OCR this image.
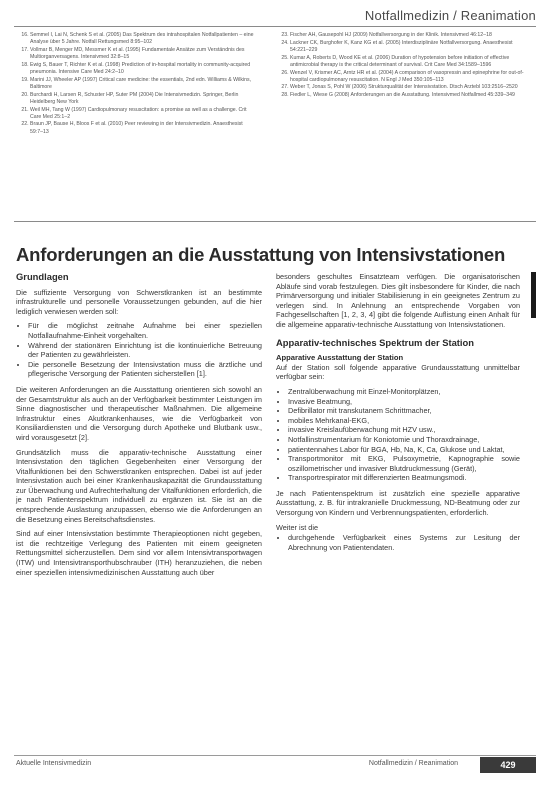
Notfallmedizin / Reanimation
16. Semmel I, Lai N, Schenk S et al. (2005) Das Spektrum des intrahospitalen Notfallpatienten – eine Analyse über 5 Jahre. Notfall Rettungsmed 8:95–102
17. Vollmar B, Menger MD, Messmer K et al. (1995) Fundamentale Ansätze zum Verständnis des Multiorganversagens. Intensivmed 32:8–15
18. Ewig S, Bauer T, Richter K et al. (1998) Prediction of in-hospital mortality in community-acquired pneumonia. Intensive Care Med 24:2–10
19. Marini JJ, Wheeler AP (1997) Critical care medicine: the essentials, 2nd edn. Williams & Wilkins, Baltimore
20. Burchardi H, Larsen R, Schuster HP, Suter PM (2004) Die Intensivmedizin. Springer, Berlin Heidelberg New York
21. Weil MH, Tang W (1997) Cardiopulmonary resuscitation: a promise as well as a challenge. Crit Care Med 25:1–2
22. Braun JP, Bause H, Bloos F et al. (2010) Peer reviewing in der Intensivmedizin. Anaesthesist 59:7–13
23. Fischer AH, Gausepohl HJ (2009) Notfallversorgung in der Klinik. Intensivmed 46:12–18
24. Lackner CK, Burghofer K, Kanz KG et al. (2005) Interdisziplinäre Notfallversorgung. Anaesthesist 54:221–229
25. Kumar A, Roberts D, Wood KE et al. (2006) Duration of hypotension before initiation of effective antimicrobial therapy is the critical determinant of survival. Crit Care Med 34:1589–1596
26. Wenzel V, Krismer AC, Arntz HR et al. (2004) A comparison of vasopressin and epinephrine for out-of-hospital cardiopulmonary resuscitation. N Engl J Med 350:105–113
27. Weber T, Jonas S, Pohl W (2006) Strukturqualität der Intensivstation. Dtsch Arztebl 103:2516–2520
28. Fiedler L, Wiese G (2008) Anforderungen an die Ausstattung. Intensivmed Notfallmed 45:339–349
Anforderungen an die Ausstattung von Intensivstationen
Grundlagen

Die suffiziente Versorgung von Schwerstkranken ist an bestimmte infrastrukturelle und personelle Voraussetzungen gebunden, auf die hier lediglich verwiesen werden soll:

• Für die möglichst zeitnahe Aufnahme bei einer speziellen Notfallaufnahme-Einheit vorgehalten.
• Während der stationären Einrichtung ist die kontinuierliche Betreuung der Patienten zu gewährleisten.
• Die personelle Besetzung der Intensivstation muss die ärztliche und pflegerische Versorgung der Patienten sicherstellen [1].

Die weiteren Anforderungen an die Ausstattung orientieren sich sowohl an der Gesamtstruktur als auch an der Verfügbarkeit bestimmter Leistungen im Sinne diagnostischer und therapeutischer Maßnahmen. Die allgemeine Infrastruktur eines Akutkrankenhauses, wie die Verfügbarkeit von Konsiliardiensten und die Versorgung durch Apotheke und Blutbank usw., wird vorausgesetzt [2].

Grundsätzlich muss die apparativ-technische Ausstattung einer Intensivstation den täglichen Gegebenheiten einer Versorgung der Vitalfunktionen bei den Schwerstkranken entsprechen. Dabei ist auf jeder Intensivstation auch bei einer Krankenhauskapazität die Grundausstattung zur Überwachung und Aufrechterhaltung der Vitalfunktionen erforderlich, die je nach Patientenspektrum individuell zu ergänzen ist. Sie ist an die entsprechende Auslastung anzupassen, ebenso wie die Anforderungen an die Besetzung eines Bereitschaftsdienstes.

Sind auf einer Intensivstation bestimmte Therapieoptionen nicht gegeben, ist die rechtzeitige Verlegung des Patienten mit einem geeigneten Rettungsmittel sicherzustellen. Dem sind vor allem Intensivtransportwagen (ITW) und Intensivtransporthubschrauber (ITH) heranzuziehen, die neben einer speziellen intensivmedizinischen Ausstattung auch über

besonders geschultes Einsatzteam verfügen. Die organisatorischen Abläufe sind vorab festzulegen. Dies gilt insbesondere für Kinder, die nach Primärversorgung und initialer Stabilisierung in ein geeignetes Zentrum zu verlegen sind. In Anlehnung an entsprechende Vorgaben von Fachgesellschaften [1, 2, 3, 4] gibt die folgende Auflistung einen Anhalt für die allgemeine apparativ-technische Ausstattung von Intensivstationen.

Apparativ-technisches Spektrum der Station
Apparative Ausstattung der Station

Auf der Station soll folgende apparative Grundausstattung unmittelbar verfügbar sein:

• Zentralüberwachung mit Einzel-Monitorplätzen,
• Invasive Beatmung,
• Defibrillator mit transkutanem Schrittmacher,
• mobiles Mehrkanal-EKG,
• invasive Kreislaufüberwachung mit HZV usw.,
• Notfallinstrumentarium für Koniotomie und Thoraxdrainage,
• patientennahes Labor für BGA, Hb, Na, K, Ca, Glukose und Laktat,
• Transportmonitor mit EKG, Pulsoxymetrie, Kapnographie sowie oszillometrischer und invasiver Blutdruckmessung (Gerät),
• Transportrespirator mit differenzierten Beatmungsmodi.

Je nach Patientenspektrum ist zusätzlich eine spezielle apparative Ausstattung, z. B. für intrakranielle Druckmessung, ND-Beatmung oder zur Versorgung von Kindern und Verbrennungspatienten, erforderlich.

Weiter ist die

• durchgehende Verfügbarkeit eines Systems zur Lesitung der Abrechnung von Patientendaten.
Aktuelle Intensivmedizin	Notfallmedizin / Reanimation	429
